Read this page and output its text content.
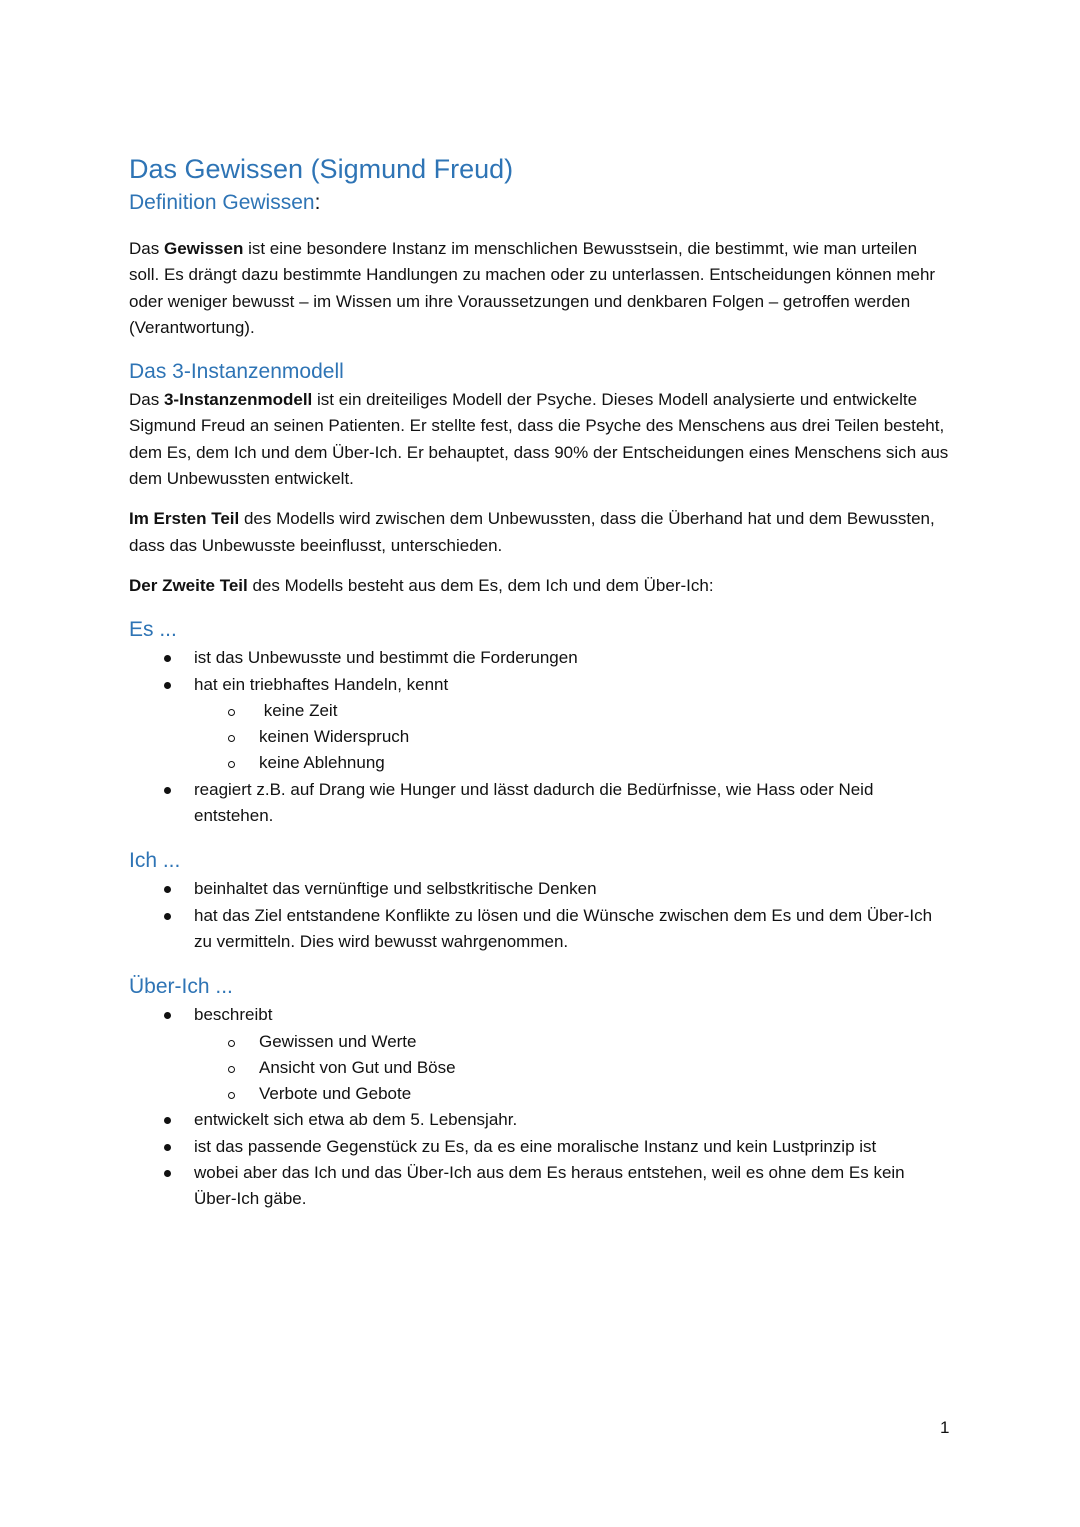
Das Gewissen (Sigmund Freud)
Definition Gewissen:

Das Gewissen ist eine besondere Instanz im menschlichen Bewusstsein, die bestimmt, wie man urteilen soll. Es drängt dazu bestimmte Handlungen zu machen oder zu unterlassen. Entscheidungen können mehr oder weniger bewusst – im Wissen um ihre Voraussetzungen und denkbaren Folgen – getroffen werden (Verantwortung).

Das 3-Instanzenmodell

Das 3-Instanzenmodell ist ein dreiteiliges Modell der Psyche. Dieses Modell analysierte und entwickelte Sigmund Freud an seinen Patienten. Er stellte fest, dass die Psyche des Menschens aus drei Teilen besteht, dem Es, dem Ich und dem Über-Ich. Er behauptet, dass 90% der Entscheidungen eines Menschens sich aus dem Unbewussten entwickelt.

Im Ersten Teil des Modells wird zwischen dem Unbewussten, dass die Überhand hat und dem Bewussten, dass das Unbewusste beeinflusst, unterschieden.

Der Zweite Teil des Modells besteht aus dem Es, dem Ich und dem Über-Ich:

Es ...
ist das Unbewusste und bestimmt die Forderungen
hat ein triebhaftes Handeln, kennt
keine Zeit
keinen Widerspruch
keine Ablehnung
reagiert z.B. auf Drang wie Hunger und lässt dadurch die Bedürfnisse, wie Hass oder Neid entstehen.
Ich ...
beinhaltet das vernünftige und selbstkritische Denken
hat das Ziel entstandene Konflikte zu lösen und die Wünsche zwischen dem Es und dem Über-Ich zu vermitteln. Dies wird bewusst wahrgenommen.
Über-Ich ...
beschreibt
Gewissen und Werte
Ansicht von Gut und Böse
Verbote und Gebote
entwickelt sich etwa ab dem 5. Lebensjahr.
ist das passende Gegenstück zu Es, da es eine moralische Instanz und kein Lustprinzip ist
wobei aber das Ich und das Über-Ich aus dem Es heraus entstehen, weil es ohne dem Es kein Über-Ich gäbe.
1
